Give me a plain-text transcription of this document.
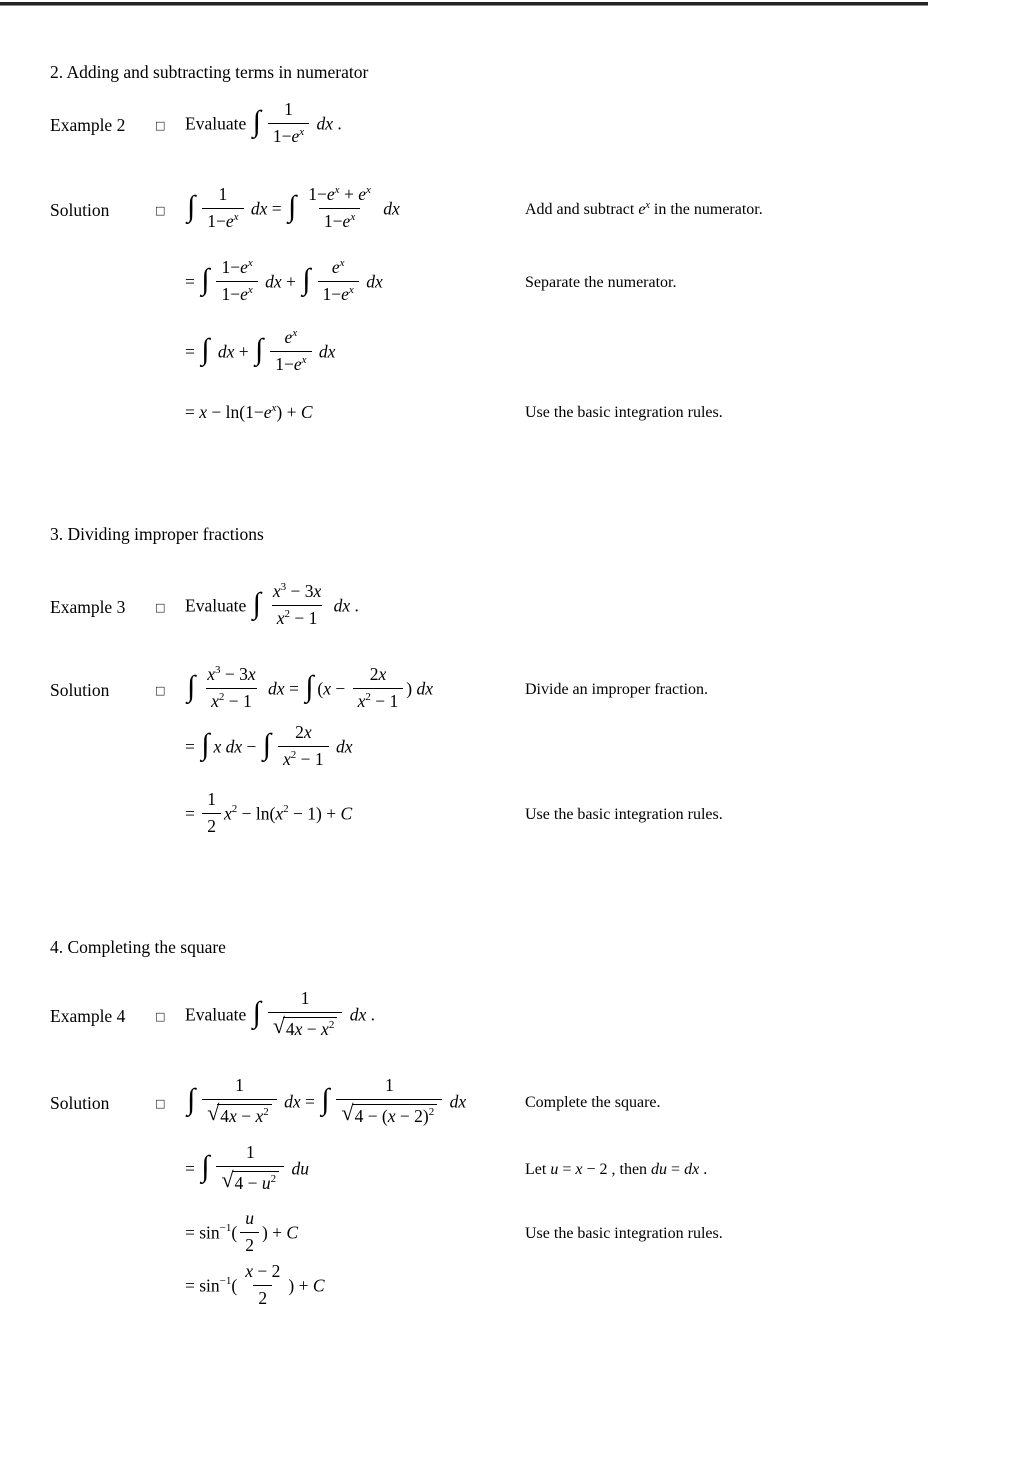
2. Adding and subtracting terms in numerator
Example 2	□	Evaluate ∫ $\frac{1}{1-e^x}$ dx .
Solution	□ ∫ $\frac{1}{1-e^x}$ dx = ∫ $\frac{1-e^x + e^x}{1-e^x}$ dx	Add and subtract $e^x$ in the numerator.
= ∫ $\frac{1-e^x}{1-e^x}$ dx + ∫ $\frac{e^x}{1-e^x}$ dx	Separate the numerator.
= ∫ dx + ∫ $\frac{e^x}{1-e^x}$ dx
= $x - \ln(1-e^x) + C$	Use the basic integration rules.
3. Dividing improper fractions
Example 3	□	Evaluate ∫ $\frac{x^3 - 3x}{x^2 - 1}$ dx .
Solution	□ ∫ $\frac{x^3 - 3x}{x^2 - 1}$ dx = ∫ ($x - \frac{2x}{x^2 - 1}$ ) dx	Divide an improper fraction.
= ∫ x dx − ∫ $\frac{2x}{x^2 - 1}$ dx
= $\frac{1}{2} x^2 - \ln(x^2 - 1) + C$	Use the basic integration rules.
4. Completing the square
Example 4	□	Evaluate ∫ $\frac{1}{√ 4x - x^2}$ dx .
Solution	□ ∫ $\frac{1}{√ 4x - x^2}$ dx = ∫ $\frac{1}{√ 4 - (x - 2)^2}$ dx	Complete the square.
= ∫ $\frac{1}{√ 4 - u^2}$ du	Let u = x − 2 , then du = dx .
= $\sin^{-1}( \frac{u}{2}$ ) + C	Use the basic integration rules.
= $\sin^{-1}( \frac{x - 2}{2}$ ) + C
